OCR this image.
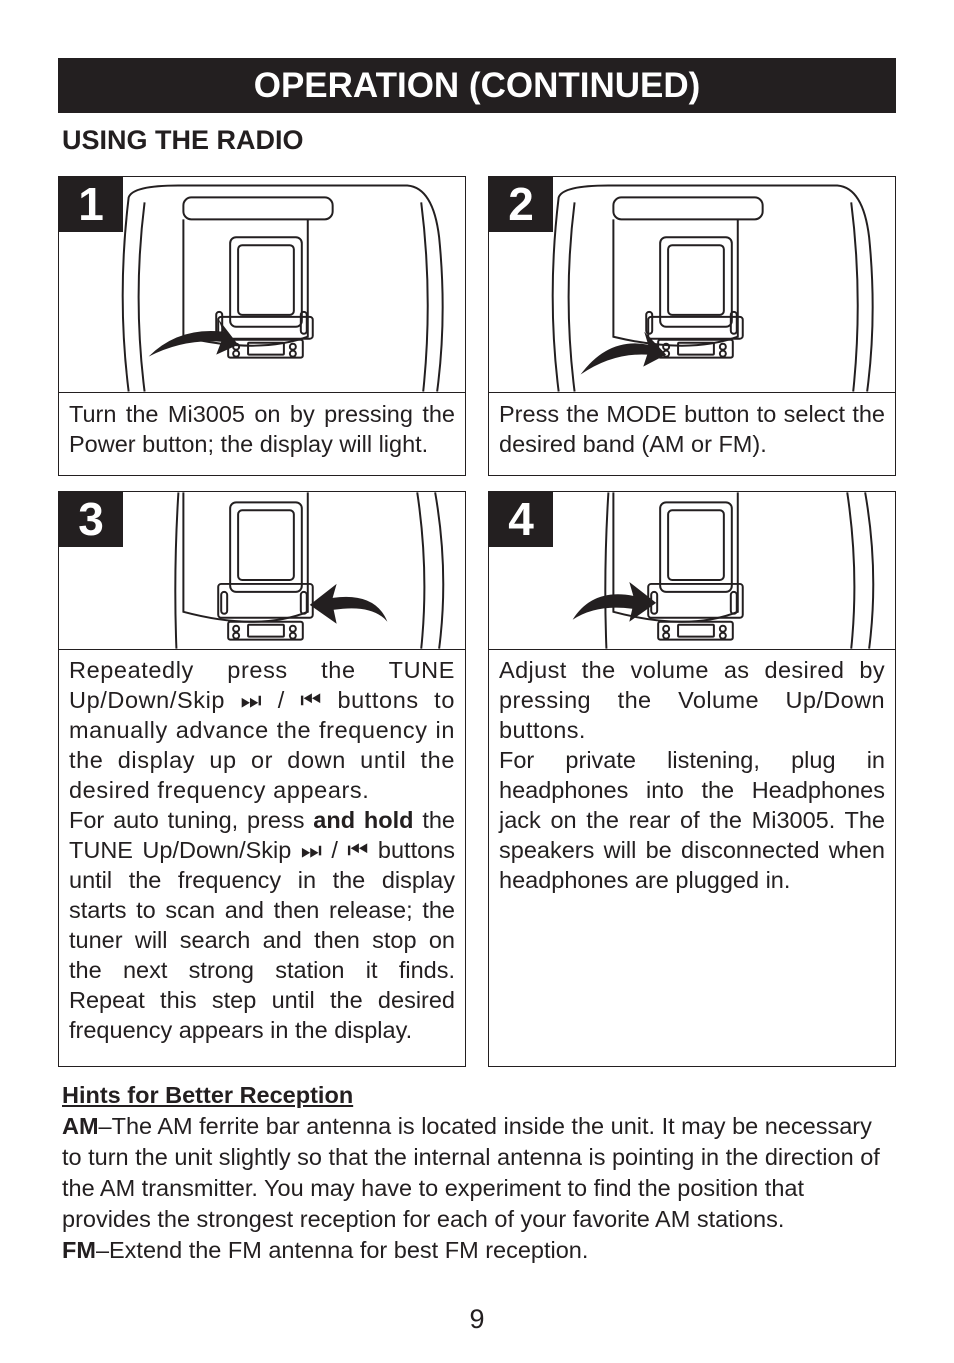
OPERATION (CONTINUED)
USING THE RADIO
1
Turn the Mi3005 on by pressing the Power button; the display will light.
2
Press the MODE button to select the desired band (AM or FM).
3

Repeatedly press the TUNE Up/Down/Skip ⏭ / ⏮ buttons to manually advance the frequency in the display up or down until the desired frequency appears.

For auto tuning, press and hold the TUNE Up/Down/Skip ⏭ / ⏮ buttons until the frequency in the display starts to scan and then release; the tuner will search and then stop on the next strong station it finds. Repeat this step until the desired frequency appears in the display.

4

Adjust the volume as desired by pressing the Volume Up/Down buttons.

For private listening, plug in headphones into the Headphones jack on the rear of the Mi3005. The speakers will be disconnected when headphones are plugged in.

Hints for Better Reception

AM–The AM ferrite bar antenna is located inside the unit. It may be necessary to turn the unit slightly so that the internal antenna is pointing in the direction of the AM transmitter. You may have to experiment to find the position that provides the strongest reception for each of your favorite AM stations.

FM–Extend the FM antenna for best FM reception.

9
